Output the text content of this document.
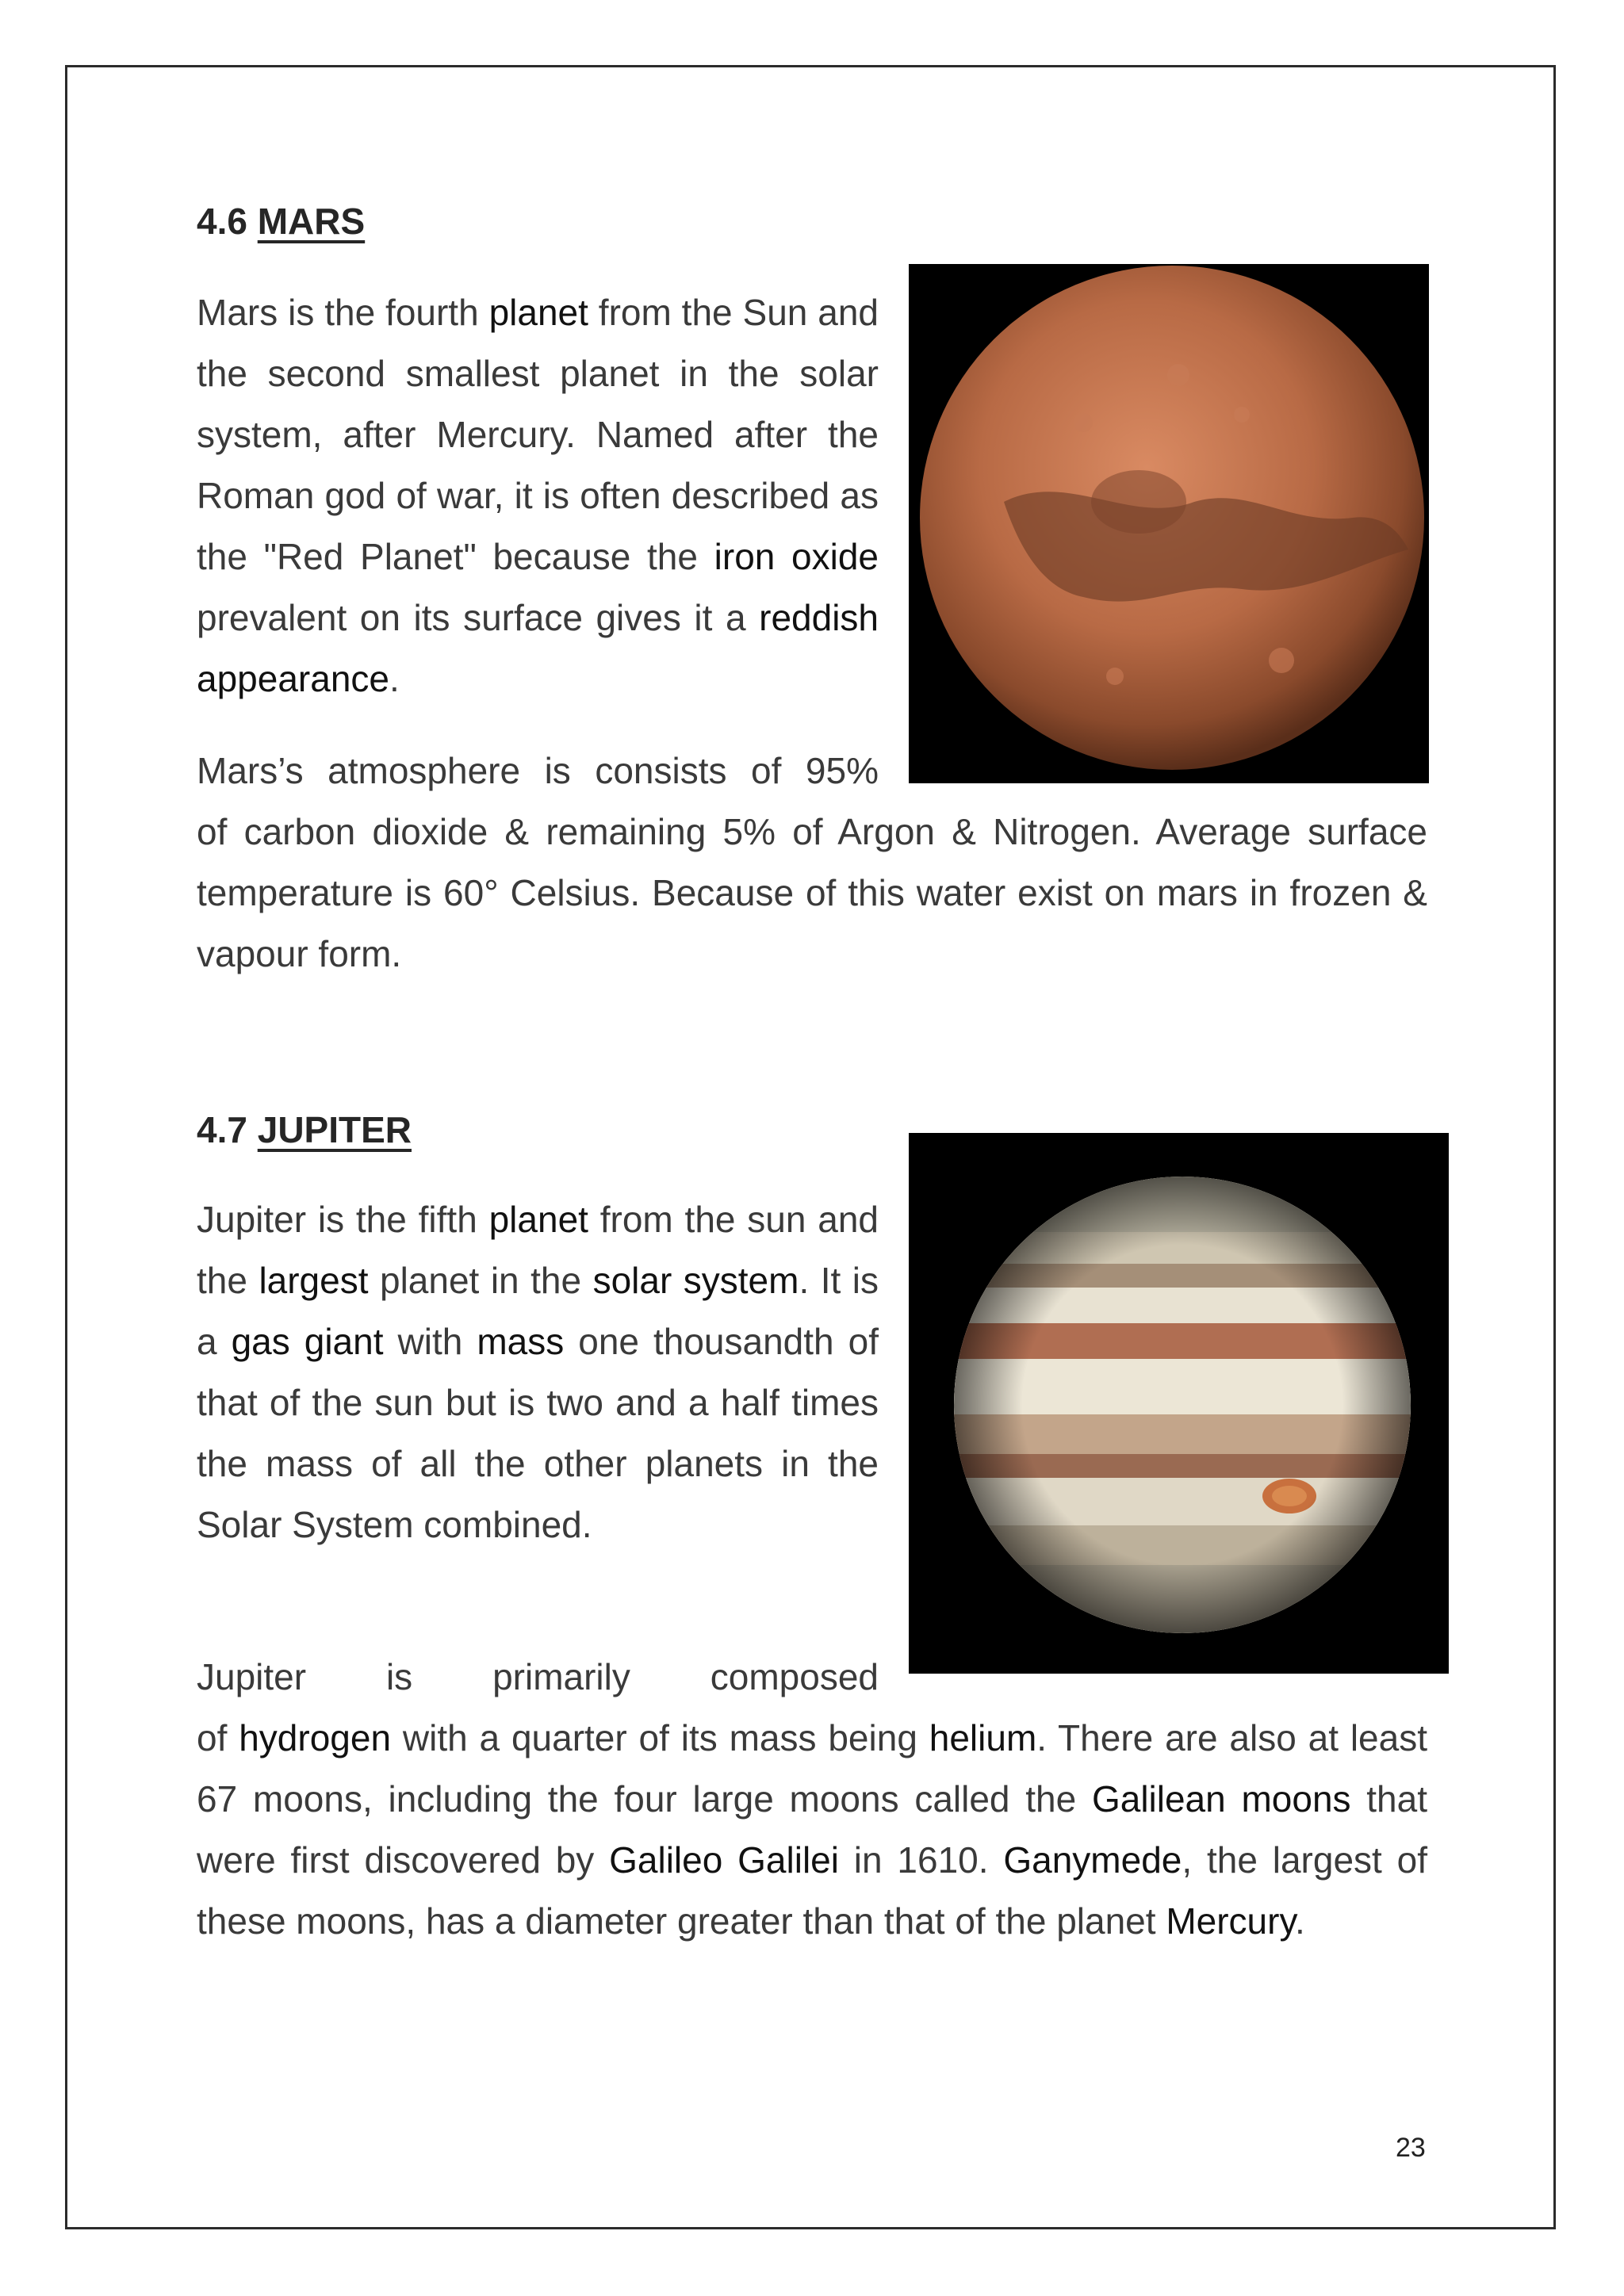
4.6 MARS

Mars is the fourth planet from the Sun and the second smallest planet in the solar system, after Mercury. Named after the Roman god of war, it is often described as the "Red Planet" because the iron oxide prevalent on its surface gives it a reddish appearance.

Mars’s atmosphere is consists of 95%

of carbon dioxide & remaining 5% of Argon & Nitrogen. Average surface temperature is 60° Celsius. Because of this water exist on mars in frozen & vapour form.

4.7 JUPITER

Jupiter is the fifth planet from the sun and the largest planet in the solar system. It is a gas giant with mass one thousandth of that of the sun but is two and a half times the mass of all the other planets in the Solar System combined.

Jupiter is primarily composed

of hydrogen with a quarter of its mass being helium. There are also at least 67 moons, including the four large moons called the Galilean moons that were first discovered by Galileo Galilei in 1610. Ganymede, the largest of these moons, has a diameter greater than that of the planet Mercury.

23
